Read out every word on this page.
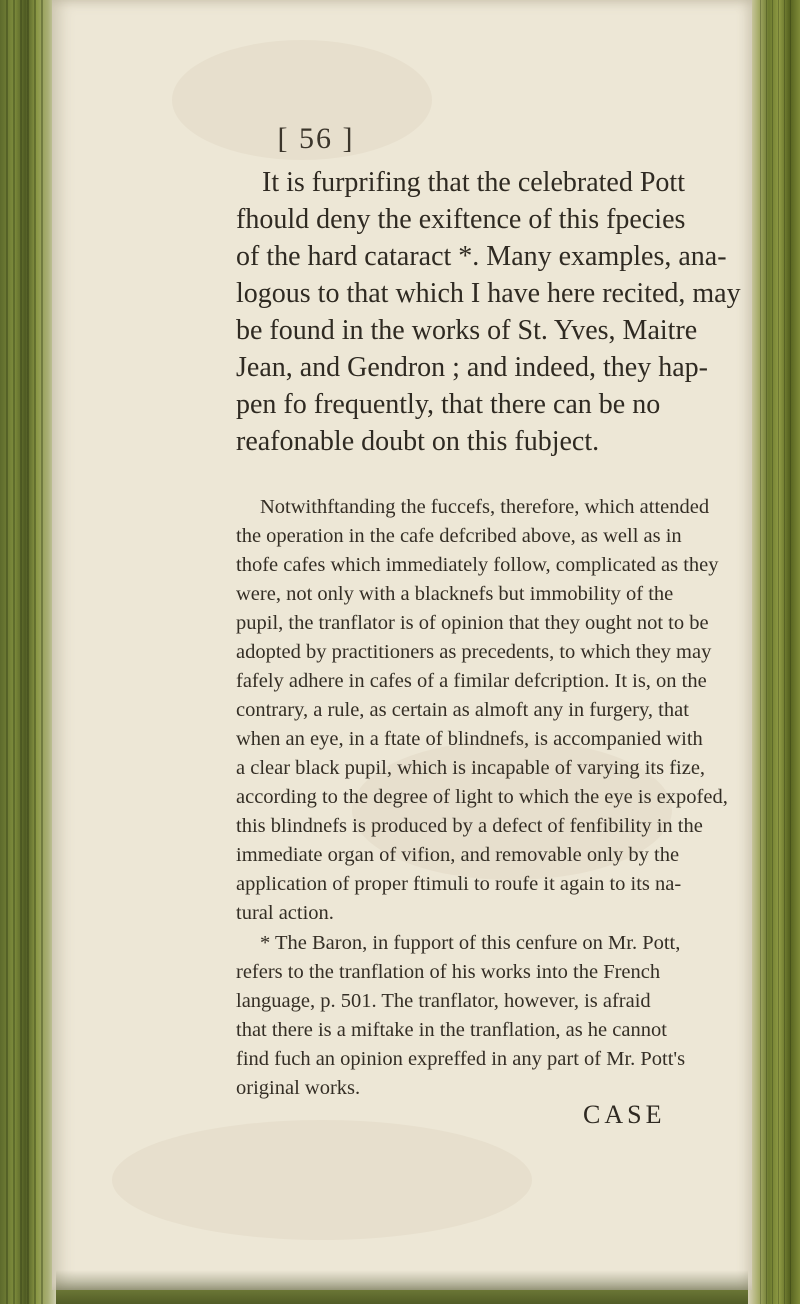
[ 56 ]
It is furprifing that the celebrated Pott
fhould deny the exiftence of this fpecies
of the hard cataract *. Many examples, ana-
logous to that which I have here recited, may
be found in the works of St. Yves, Maitre
Jean, and Gendron ; and indeed, they hap-
pen fo frequently, that there can be no
reafonable doubt on this fubject.
Notwithftanding the fuccefs, therefore, which attended
the operation in the cafe defcribed above, as well as in
thofe cafes which immediately follow, complicated as they
were, not only with a blacknefs but immobility of the
pupil, the tranflator is of opinion that they ought not to be
adopted by practitioners as precedents, to which they may
fafely adhere in cafes of a fimilar defcription. It is, on the
contrary, a rule, as certain as almoft any in furgery, that
when an eye, in a ftate of blindnefs, is accompanied with
a clear black pupil, which is incapable of varying its fize,
according to the degree of light to which the eye is expofed,
this blindnefs is produced by a defect of fenfibility in the
immediate organ of vifion, and removable only by the
application of proper ftimuli to roufe it again to its na-
tural action.
* The Baron, in fupport of this cenfure on Mr. Pott,
refers to the tranflation of his works into the French
language, p. 501. The tranflator, however, is afraid
that there is a miftake in the tranflation, as he cannot
find fuch an opinion expreffed in any part of Mr. Pott's
original works.
CASE
